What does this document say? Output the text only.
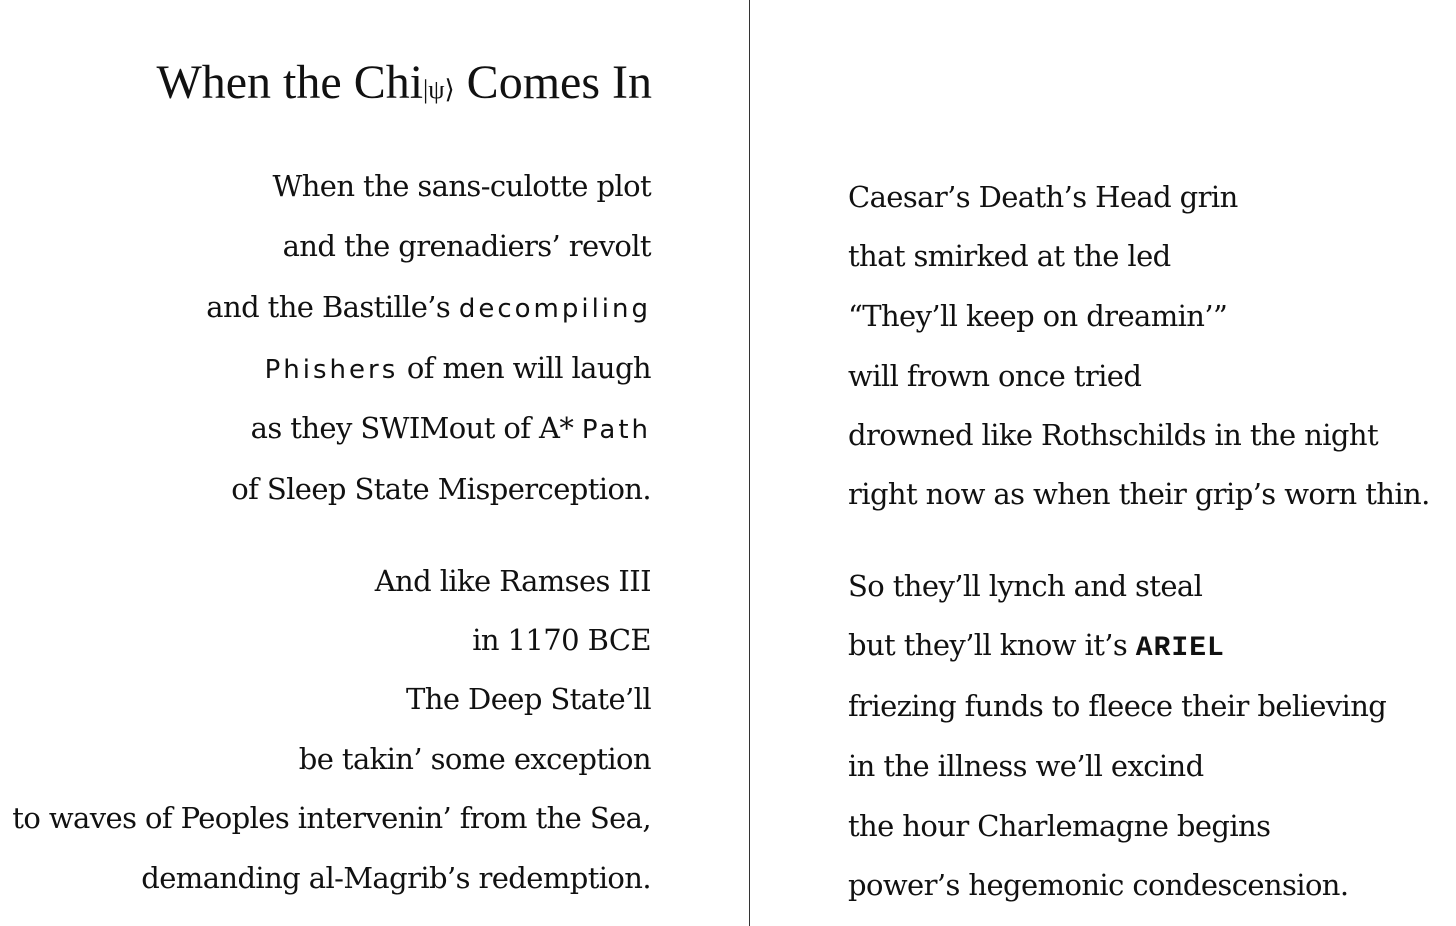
When the Chi|ψ⟩ Comes In
When the sans-culotte plot
and the grenadiers’ revolt
and the Bastille’s decompiling
Phishers of men will laugh
as they SWIMout of A* Path
of Sleep State Misperception.
And like Ramses III
in 1170 BCE
The Deep State’ll
be takin’ some exception
to waves of Peoples intervenin’ from the Sea,
demanding al-Magrib’s redemption.
Caesar’s Death’s Head grin
that smirked at the led
“They’ll keep on dreamin’”
will frown once tried
drowned like Rothschilds in the night
right now as when their grip’s worn thin.
So they’ll lynch and steal
but they’ll know it’s ARIEL
friezing funds to fleece their believing
in the illness we’ll excind
the hour Charlemagne begins
power’s hegemonic condescension.
